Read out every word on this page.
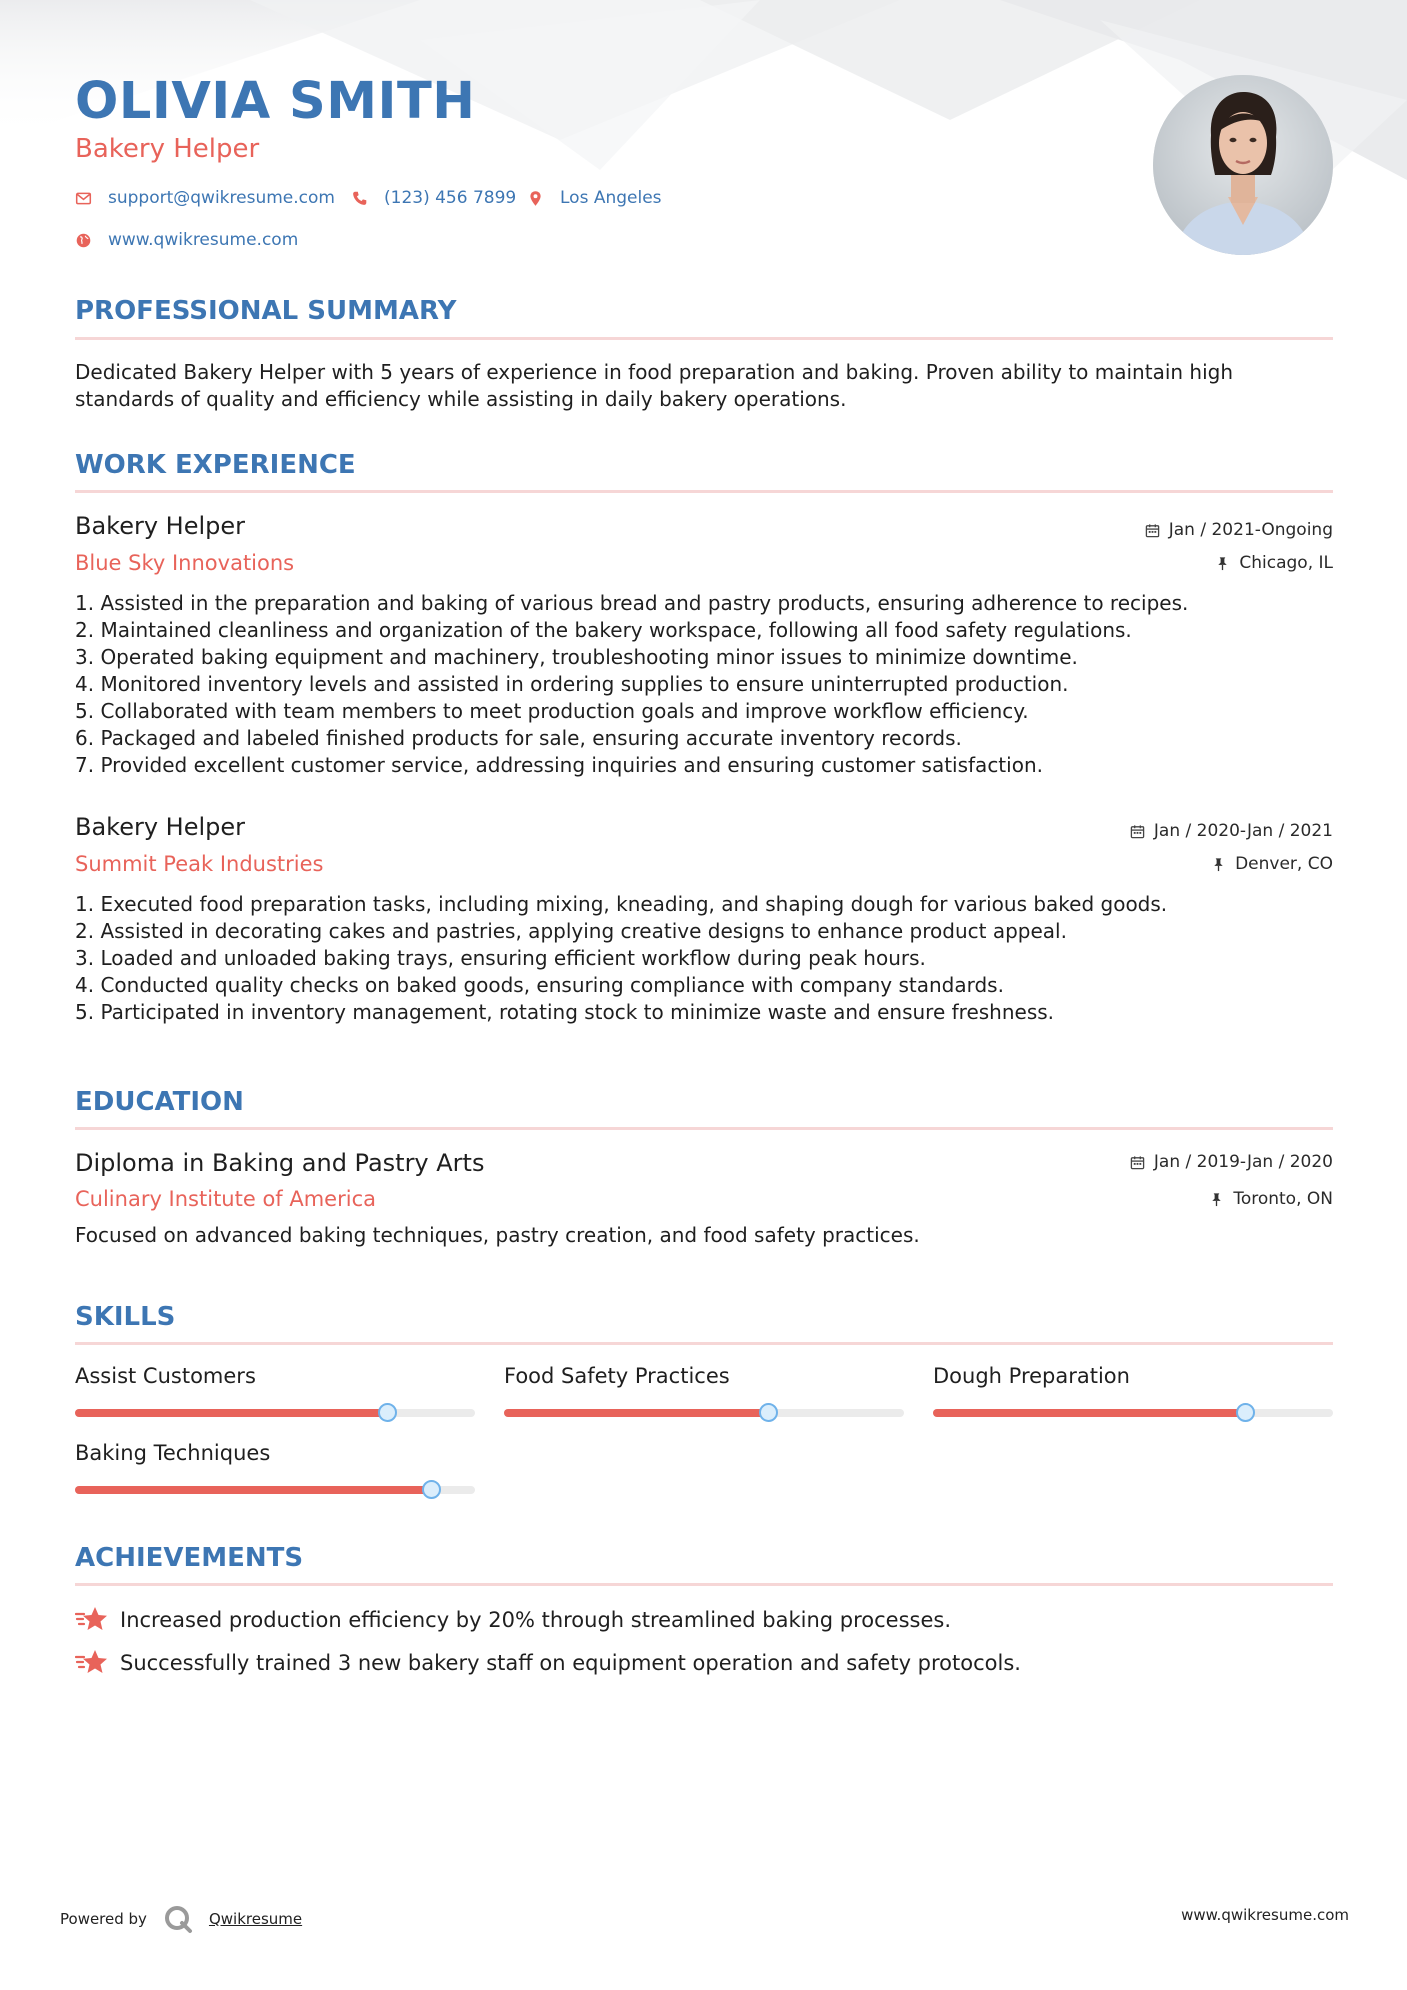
OLIVIA SMITH
Bakery Helper
support@qwikresume.com	(123) 456 7899	Los Angeles
www.qwikresume.com
PROFESSIONAL SUMMARY
Dedicated Bakery Helper with 5 years of experience in food preparation and baking. Proven ability to maintain high standards of quality and efficiency while assisting in daily bakery operations.
WORK EXPERIENCE
Bakery Helper
Blue Sky Innovations
Jan / 2021-Ongoing
Chicago, IL
1. Assisted in the preparation and baking of various bread and pastry products, ensuring adherence to recipes.
2. Maintained cleanliness and organization of the bakery workspace, following all food safety regulations.
3. Operated baking equipment and machinery, troubleshooting minor issues to minimize downtime.
4. Monitored inventory levels and assisted in ordering supplies to ensure uninterrupted production.
5. Collaborated with team members to meet production goals and improve workflow efficiency.
6. Packaged and labeled finished products for sale, ensuring accurate inventory records.
7. Provided excellent customer service, addressing inquiries and ensuring customer satisfaction.
Bakery Helper
Summit Peak Industries
Jan / 2020-Jan / 2021
Denver, CO
1. Executed food preparation tasks, including mixing, kneading, and shaping dough for various baked goods.
2. Assisted in decorating cakes and pastries, applying creative designs to enhance product appeal.
3. Loaded and unloaded baking trays, ensuring efficient workflow during peak hours.
4. Conducted quality checks on baked goods, ensuring compliance with company standards.
5. Participated in inventory management, rotating stock to minimize waste and ensure freshness.
EDUCATION
Diploma in Baking and Pastry Arts
Culinary Institute of America
Jan / 2019-Jan / 2020
Toronto, ON
Focused on advanced baking techniques, pastry creation, and food safety practices.
SKILLS
Assist Customers	Food Safety Practices	Dough Preparation
Baking Techniques
ACHIEVEMENTS
Increased production efficiency by 20% through streamlined baking processes.
Successfully trained 3 new bakery staff on equipment operation and safety protocols.
Powered by	Qwikresume	www.qwikresume.com
